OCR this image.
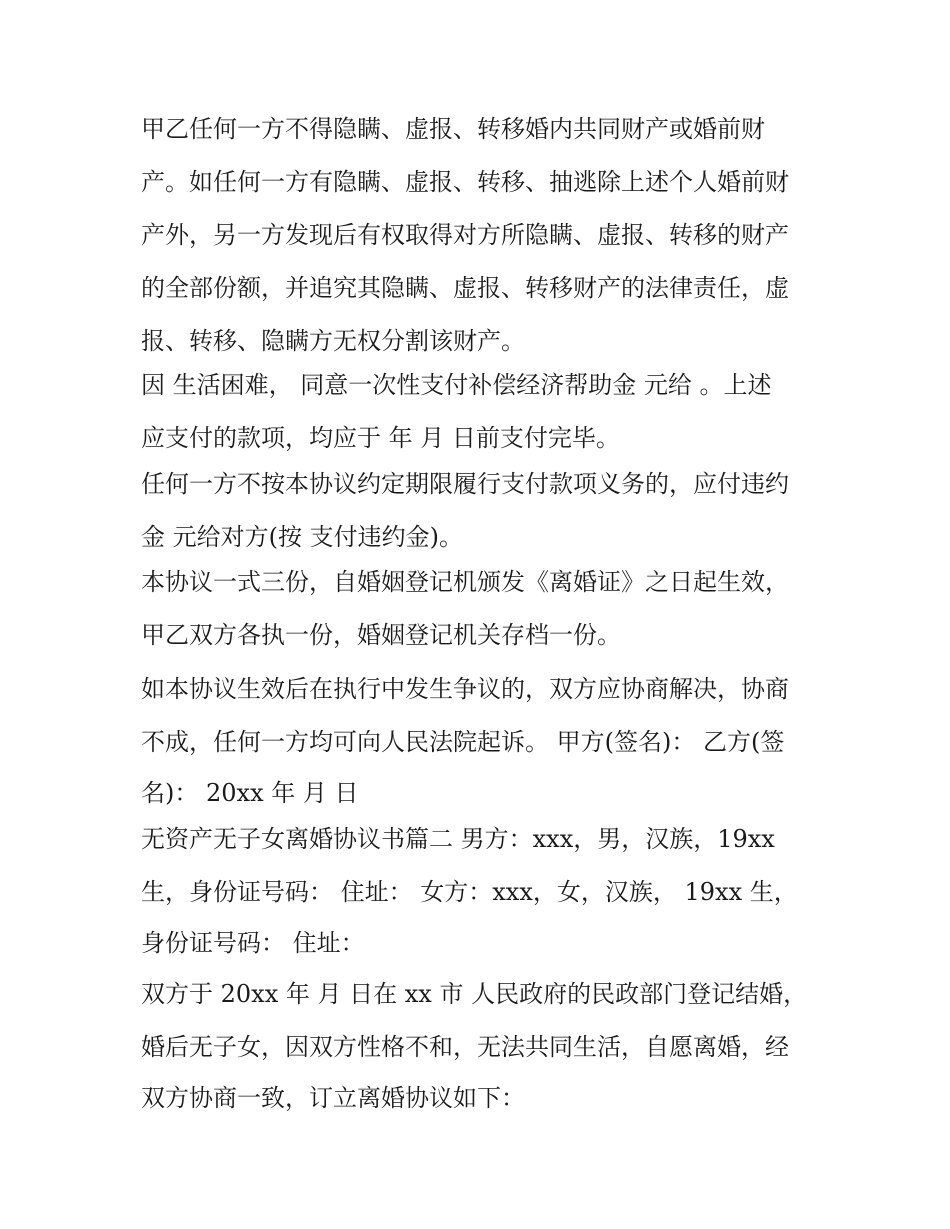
甲乙任何一方不得隐瞒、虚报、转移婚内共同财产或婚前财
产。如任何一方有隐瞒、虚报、转移、抽逃除上述个人婚前财
产外，另一方发现后有权取得对方所隐瞒、虚报、转移的财产
的全部份额，并追究其隐瞒、虚报、转移财产的法律责任，虚
报、转移、隐瞒方无权分割该财产。
因 生活困难， 同意一次性支付补偿经济帮助金 元给 。上述
应支付的款项，均应于 年 月 日前支付完毕。
任何一方不按本协议约定期限履行支付款项义务的，应付违约
金 元给对方(按 支付违约金)。
本协议一式三份，自婚姻登记机颁发《离婚证》之日起生效，
甲乙双方各执一份，婚姻登记机关存档一份。
如本协议生效后在执行中发生争议的，双方应协商解决，协商
不成，任何一方均可向人民法院起诉。 甲方(签名)： 乙方(签
名)： 20xx 年 月 日
无资产无子女离婚协议书篇二 男方：xxx，男，汉族，19xx
生，身份证号码： 住址： 女方：xxx，女，汉族， 19xx 生，
身份证号码： 住址：
双方于 20xx 年 月 日在 xx 市 人民政府的民政部门登记结婚，
婚后无子女，因双方性格不和，无法共同生活，自愿离婚，经
双方协商一致，订立离婚协议如下：
